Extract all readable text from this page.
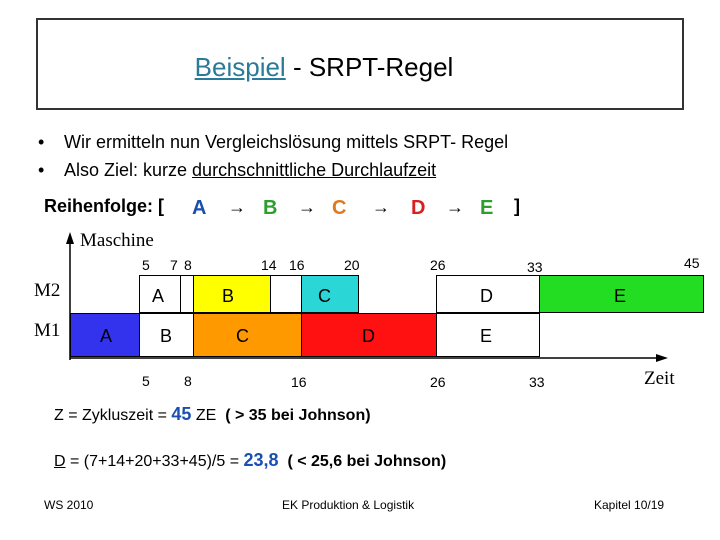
Beispiel - SRPT-Regel
• Wir ermitteln nun Vergleichslösung mittels SRPT- Regel
• Also Ziel: kurze durchschnittliche Durchlaufzeit
Reihenfolge: [ A → B → C → D → E ]
Maschine
Zeit
M2
M1
5 7 8	14 16	20	26	33	45
A	B	C	D	E
A	B	C	D	E
5 8	16	26	33
Z = Zykluszeit = 45 ZE ( > 35 bei Johnson)
D = (7+14+20+33+45)/5 = 23,8 ( < 25,6 bei Johnson)
WS 2010	EK Produktion & Logistik	Kapitel 10/19
